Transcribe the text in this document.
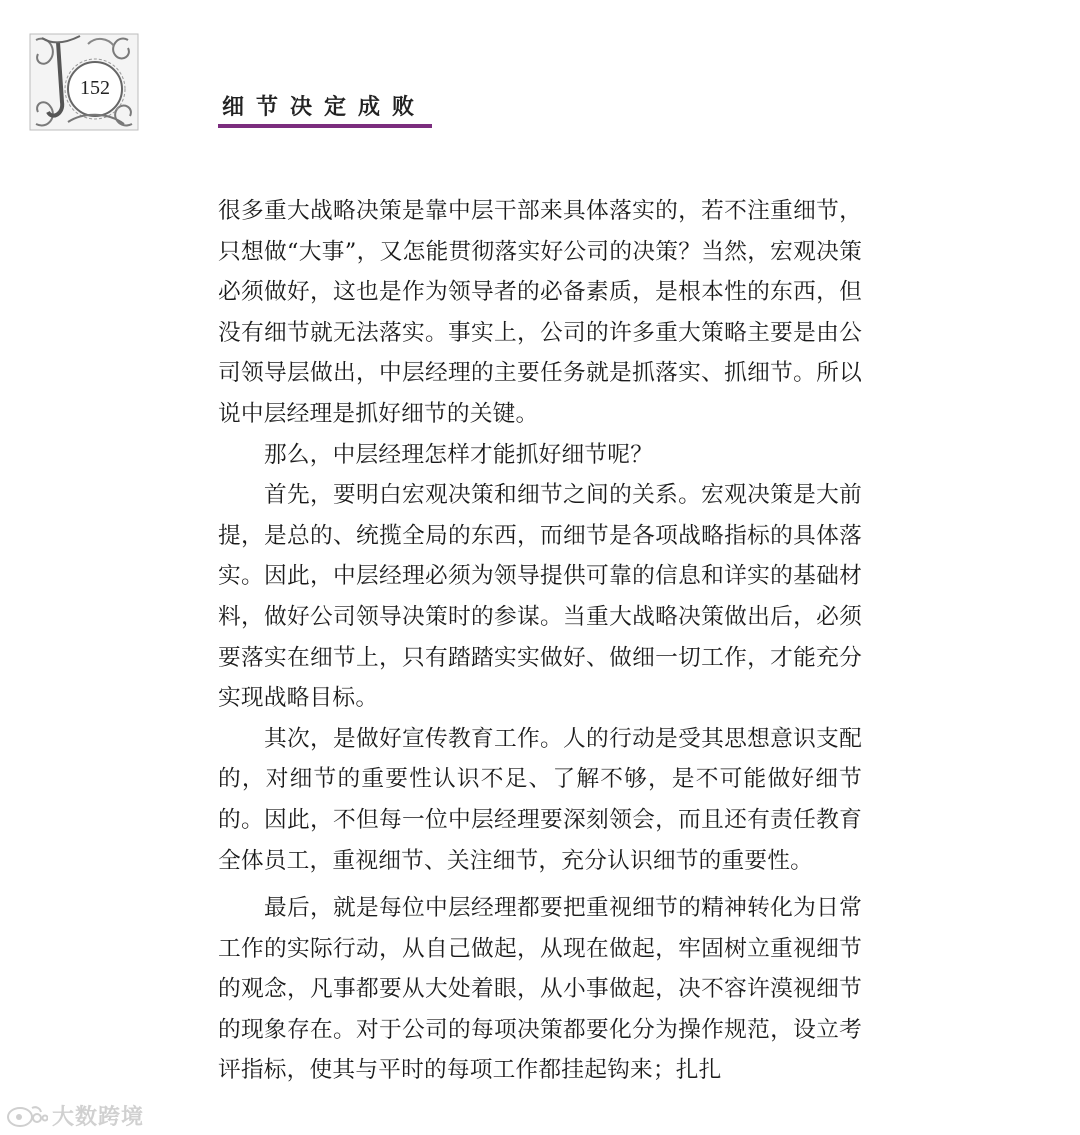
152
细节决定成败

很多重大战略决策是靠中层干部来具体落实的，若不注重细节，只想做“大事”，又怎能贯彻落实好公司的决策？当然，宏观决策必须做好，这也是作为领导者的必备素质，是根本性的东西，但没有细节就无法落实。事实上，公司的许多重大策略主要是由公司领导层做出，中层经理的主要任务就是抓落实、抓细节。所以说中层经理是抓好细节的关键。

那么，中层经理怎样才能抓好细节呢？

首先，要明白宏观决策和细节之间的关系。宏观决策是大前提，是总的、统揽全局的东西，而细节是各项战略指标的具体落实。因此，中层经理必须为领导提供可靠的信息和详实的基础材料，做好公司领导决策时的参谋。当重大战略决策做出后，必须要落实在细节上，只有踏踏实实做好、做细一切工作，才能充分实现战略目标。

其次，是做好宣传教育工作。人的行动是受其思想意识支配的，对细节的重要性认识不足、了解不够，是不可能做好细节的。因此，不但每一位中层经理要深刻领会，而且还有责任教育全体员工，重视细节、关注细节，充分认识细节的重要性。

最后，就是每位中层经理都要把重视细节的精神转化为日常工作的实际行动，从自己做起，从现在做起，牢固树立重视细节的观念，凡事都要从大处着眼，从小事做起，决不容许漠视细节的现象存在。对于公司的每项决策都要化分为操作规范，设立考评指标，使其与平时的每项工作都挂起钩来；扎扎

大数跨境
